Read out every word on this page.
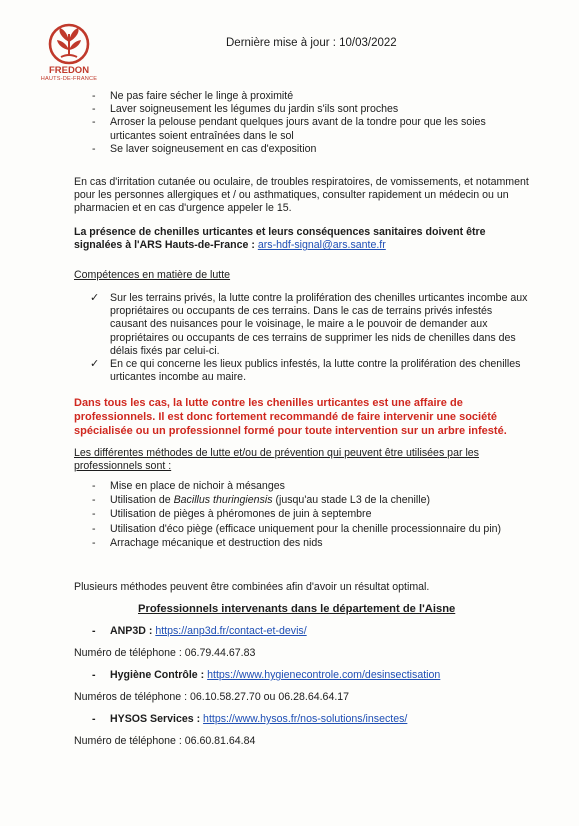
FREDON
HAUTS-DE-FRANCE
Dernière mise à jour : 10/03/2022
- Ne pas faire sécher le linge à proximité
- Laver soigneusement les légumes du jardin s'ils sont proches
- Arroser la pelouse pendant quelques jours avant de la tondre pour que les soies urticantes soient entraînées dans le sol
- Se laver soigneusement en cas d'exposition
En cas d'irritation cutanée ou oculaire, de troubles respiratoires, de vomissements, et notamment pour les personnes allergiques et / ou asthmatiques, consulter rapidement un médecin ou un pharmacien et en cas d'urgence appeler le 15.
La présence de chenilles urticantes et leurs conséquences sanitaires doivent être signalées à l'ARS Hauts-de-France : ars-hdf-signal@ars.sante.fr
Compétences en matière de lutte
✓ Sur les terrains privés, la lutte contre la prolifération des chenilles urticantes incombe aux propriétaires ou occupants de ces terrains. Dans le cas de terrains privés infestés causant des nuisances pour le voisinage, le maire a le pouvoir de demander aux propriétaires ou occupants de ces terrains de supprimer les nids de chenilles dans des délais fixés par celui-ci.
✓ En ce qui concerne les lieux publics infestés, la lutte contre la prolifération des chenilles urticantes incombe au maire.
Dans tous les cas, la lutte contre les chenilles urticantes est une affaire de professionnels. Il est donc fortement recommandé de faire intervenir une société spécialisée ou un professionnel formé pour toute intervention sur un arbre infesté.
Les différentes méthodes de lutte et/ou de prévention qui peuvent être utilisées par les professionnels sont :
- Mise en place de nichoir à mésanges
- Utilisation de Bacillus thuringiensis (jusqu'au stade L3 de la chenille)
- Utilisation de pièges à phéromones de juin à septembre
- Utilisation d'éco piège (efficace uniquement pour la chenille processionnaire du pin)
- Arrachage mécanique et destruction des nids
Plusieurs méthodes peuvent être combinées afin d'avoir un résultat optimal.
Professionnels intervenants dans le département de l'Aisne
- ANP3D : https://anp3d.fr/contact-et-devis/
Numéro de téléphone : 06.79.44.67.83
- Hygiène Contrôle : https://www.hygienecontrole.com/desinsectisation
Numéros de téléphone : 06.10.58.27.70 ou 06.28.64.64.17
- HYSOS Services : https://www.hysos.fr/nos-solutions/insectes/
Numéro de téléphone : 06.60.81.64.84
